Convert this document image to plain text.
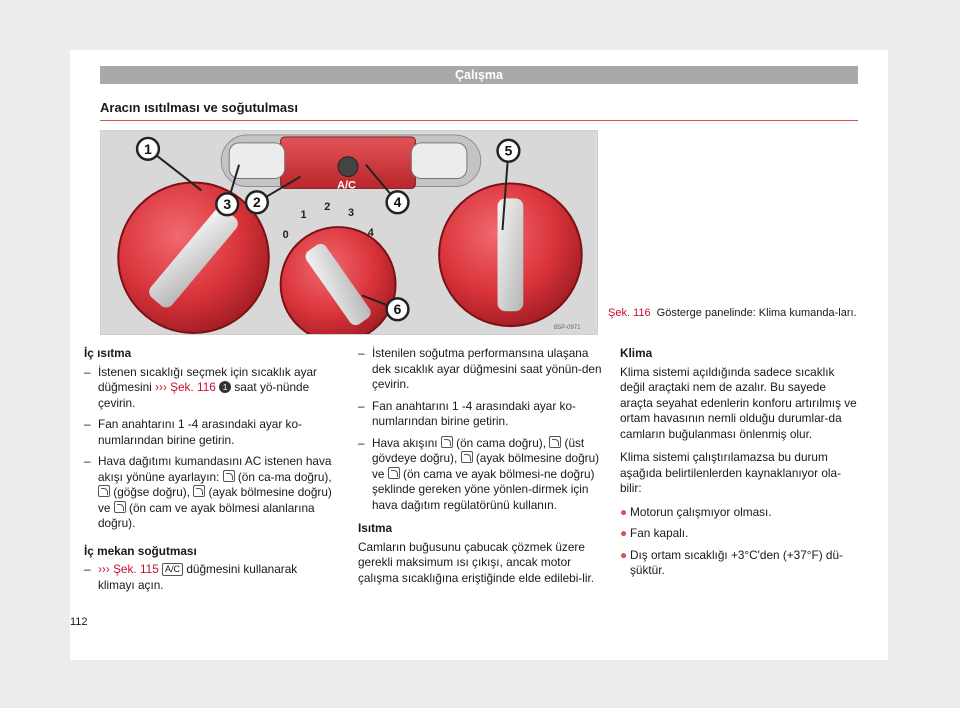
Çalışma
Aracın ısıtılması ve soğutulması
A/C
0
1
2 3
4
1
2
3	4
5
6
B5P-0971
Şek. 116 Gösterge panelinde: Klima kumanda-ları.
İç ısıtma
– İstenen sıcaklığı seçmek için sıcaklık ayar düğmesini ››› Şek. 116 1 saat yö-nünde çevirin.
– Fan anahtarını 1 -4 arasındaki ayar ko-numlarından birine getirin.
– Hava dağıtımı kumandasını AC istenen hava akışı yönüne ayarlayın:  (ön ca-ma doğru),  (göğse doğru),  (ayak bölmesine doğru) ve  (ön cam ve ayak bölmesi alanlarına doğru).
İç mekan soğutması
– ››› Şek. 115 A/C düğmesini kullanarak klimayı açın.
– İstenilen soğutma performansına ulaşana dek sıcaklık ayar düğmesini saat yönün-den çevirin.
– Fan anahtarını 1 -4 arasındaki ayar ko-numlarından birine getirin.
– Hava akışını  (ön cama doğru),  (üst gövdeye doğru),  (ayak bölmesine doğru) ve  (ön cama ve ayak bölmesi-ne doğru) şeklinde gereken yöne yönlen-dirmek için hava dağıtım regülatörünü kullanın.
Isıtma
Camların buğusunu çabucak çözmek üzere gerekli maksimum ısı çıkışı, ancak motor çalışma sıcaklığına eriştiğinde elde edilebi-lir.
Klima
Klima sistemi açıldığında sadece sıcaklık değil araçtaki nem de azalır. Bu sayede araçta seyahat edenlerin konforu artırılmış ve ortam havasının nemli olduğu durumlar-da camların buğulanması önlenmiş olur.
Klima sistemi çalıştırılamazsa bu durum aşağıda belirtilenlerden kaynaklanıyor ola-bilir:
● Motorun çalışmıyor olması.
● Fan kapalı.
● Dış ortam sıcaklığı +3°C'den (+37°F) dü-şüktür.
112
